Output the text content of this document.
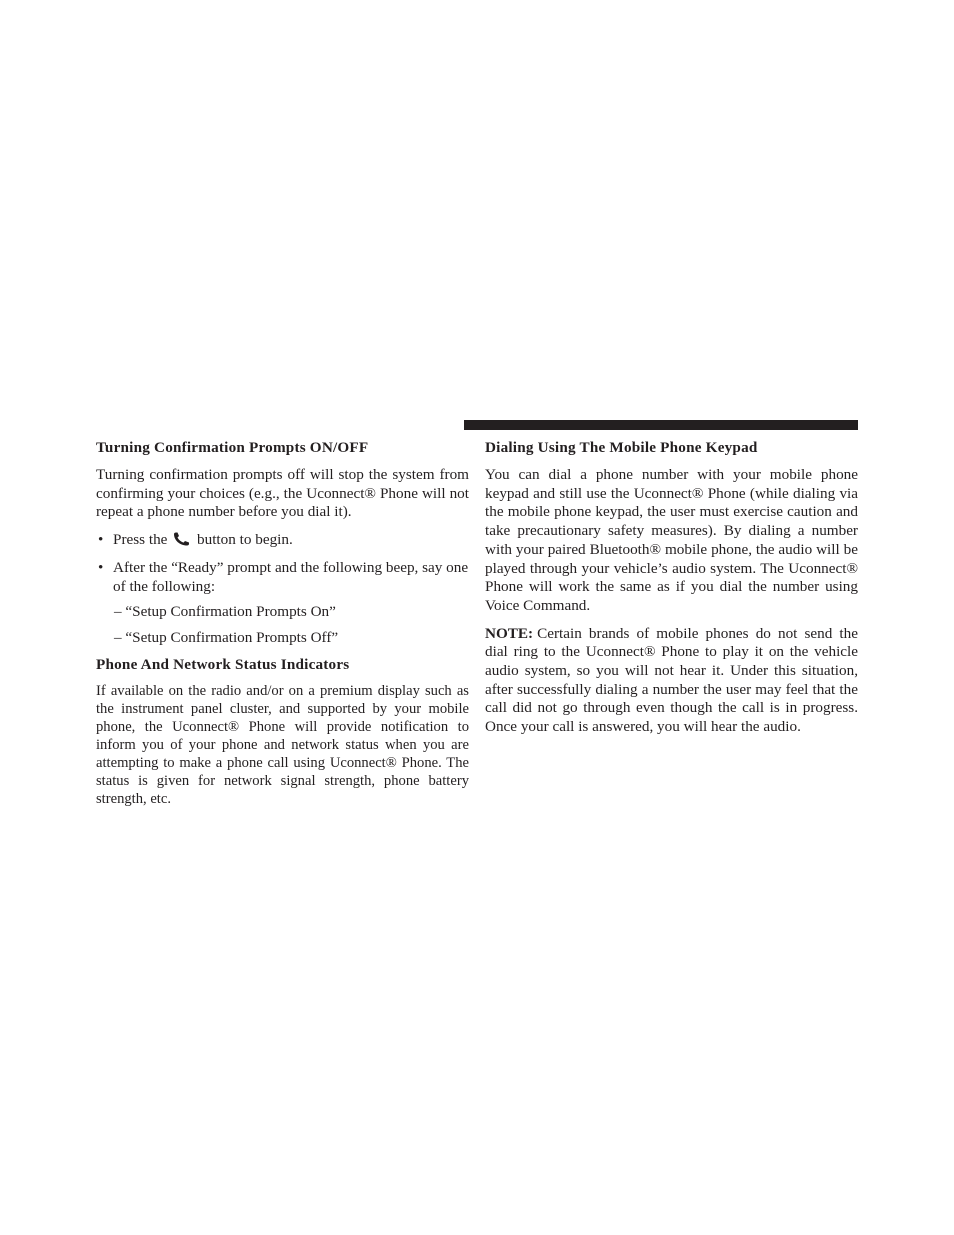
Turning Confirmation Prompts ON/OFF

Turning confirmation prompts off will stop the system from confirming your choices (e.g., the Uconnect® Phone will not repeat a phone number before you dial it).

• Press the button to begin.
• After the “Ready” prompt and the following beep, say one of the following:
– “Setup Confirmation Prompts On”
– “Setup Confirmation Prompts Off”
Phone And Network Status Indicators

If available on the radio and/or on a premium display such as the instrument panel cluster, and supported by your mobile phone, the Uconnect® Phone will provide notification to inform you of your phone and network status when you are attempting to make a phone call using Uconnect® Phone. The status is given for network signal strength, phone battery strength, etc.

Dialing Using The Mobile Phone Keypad

You can dial a phone number with your mobile phone keypad and still use the Uconnect® Phone (while dialing via the mobile phone keypad, the user must exercise caution and take precautionary safety measures). By dialing a number with your paired Bluetooth® mobile phone, the audio will be played through your vehicle’s audio system. The Uconnect® Phone will work the same as if you dial the number using Voice Command.

NOTE: Certain brands of mobile phones do not send the dial ring to the Uconnect® Phone to play it on the vehicle audio system, so you will not hear it. Under this situation, after successfully dialing a number the user may feel that the call did not go through even though the call is in progress. Once your call is answered, you will hear the audio.
